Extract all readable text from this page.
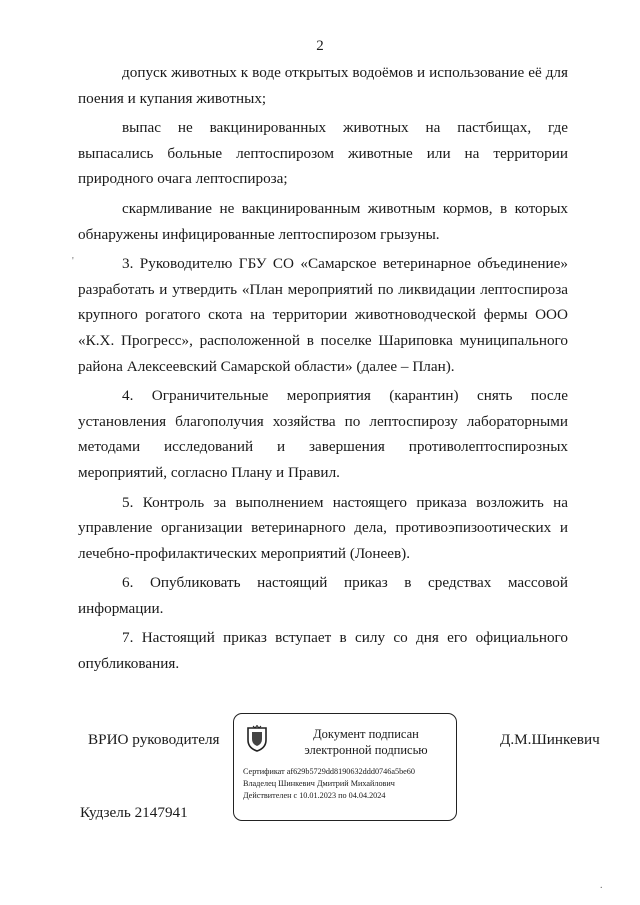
2

допуск животных к воде открытых водоёмов и использование её для поения и купания животных;

выпас не вакцинированных животных на пастбищах, где выпасались больные лептоспирозом животные или на территории природного очага лептоспироза;

скармливание не вакцинированным животным кормов, в которых обнаружены инфицированные лептоспирозом грызуны.

3. Руководителю ГБУ СО «Самарское ветеринарное объединение» разработать и утвердить «План мероприятий по ликвидации лептоспироза крупного рогатого скота на территории животноводческой фермы ООО «К.Х. Прогресс», расположенной в поселке Шариповка муниципального района Алексеевский Самарской области» (далее – План).

4. Ограничительные мероприятия (карантин) снять после установления благополучия хозяйства по лептоспирозу лабораторными методами исследований и завершения противолептоспирозных мероприятий, согласно Плану и Правил.

5. Контроль за выполнением настоящего приказа возложить на управление организации ветеринарного дела, противоэпизоотических и лечебно-профилактических мероприятий (Лонеев).

6. Опубликовать настоящий приказ в средствах массовой информации.

7. Настоящий приказ вступает в силу со дня его официального опубликования.

ВРИО руководителя	Документ подписан
электронной подписью
Сертификат af629b5729dd8190632ddd0746a5be60
Владелец Шинкевич Дмитрий Михайлович
Действителен с 10.01.2023 по 04.04.2024
Д.М.Шинкевич
Кудзель 2147941
'
.
